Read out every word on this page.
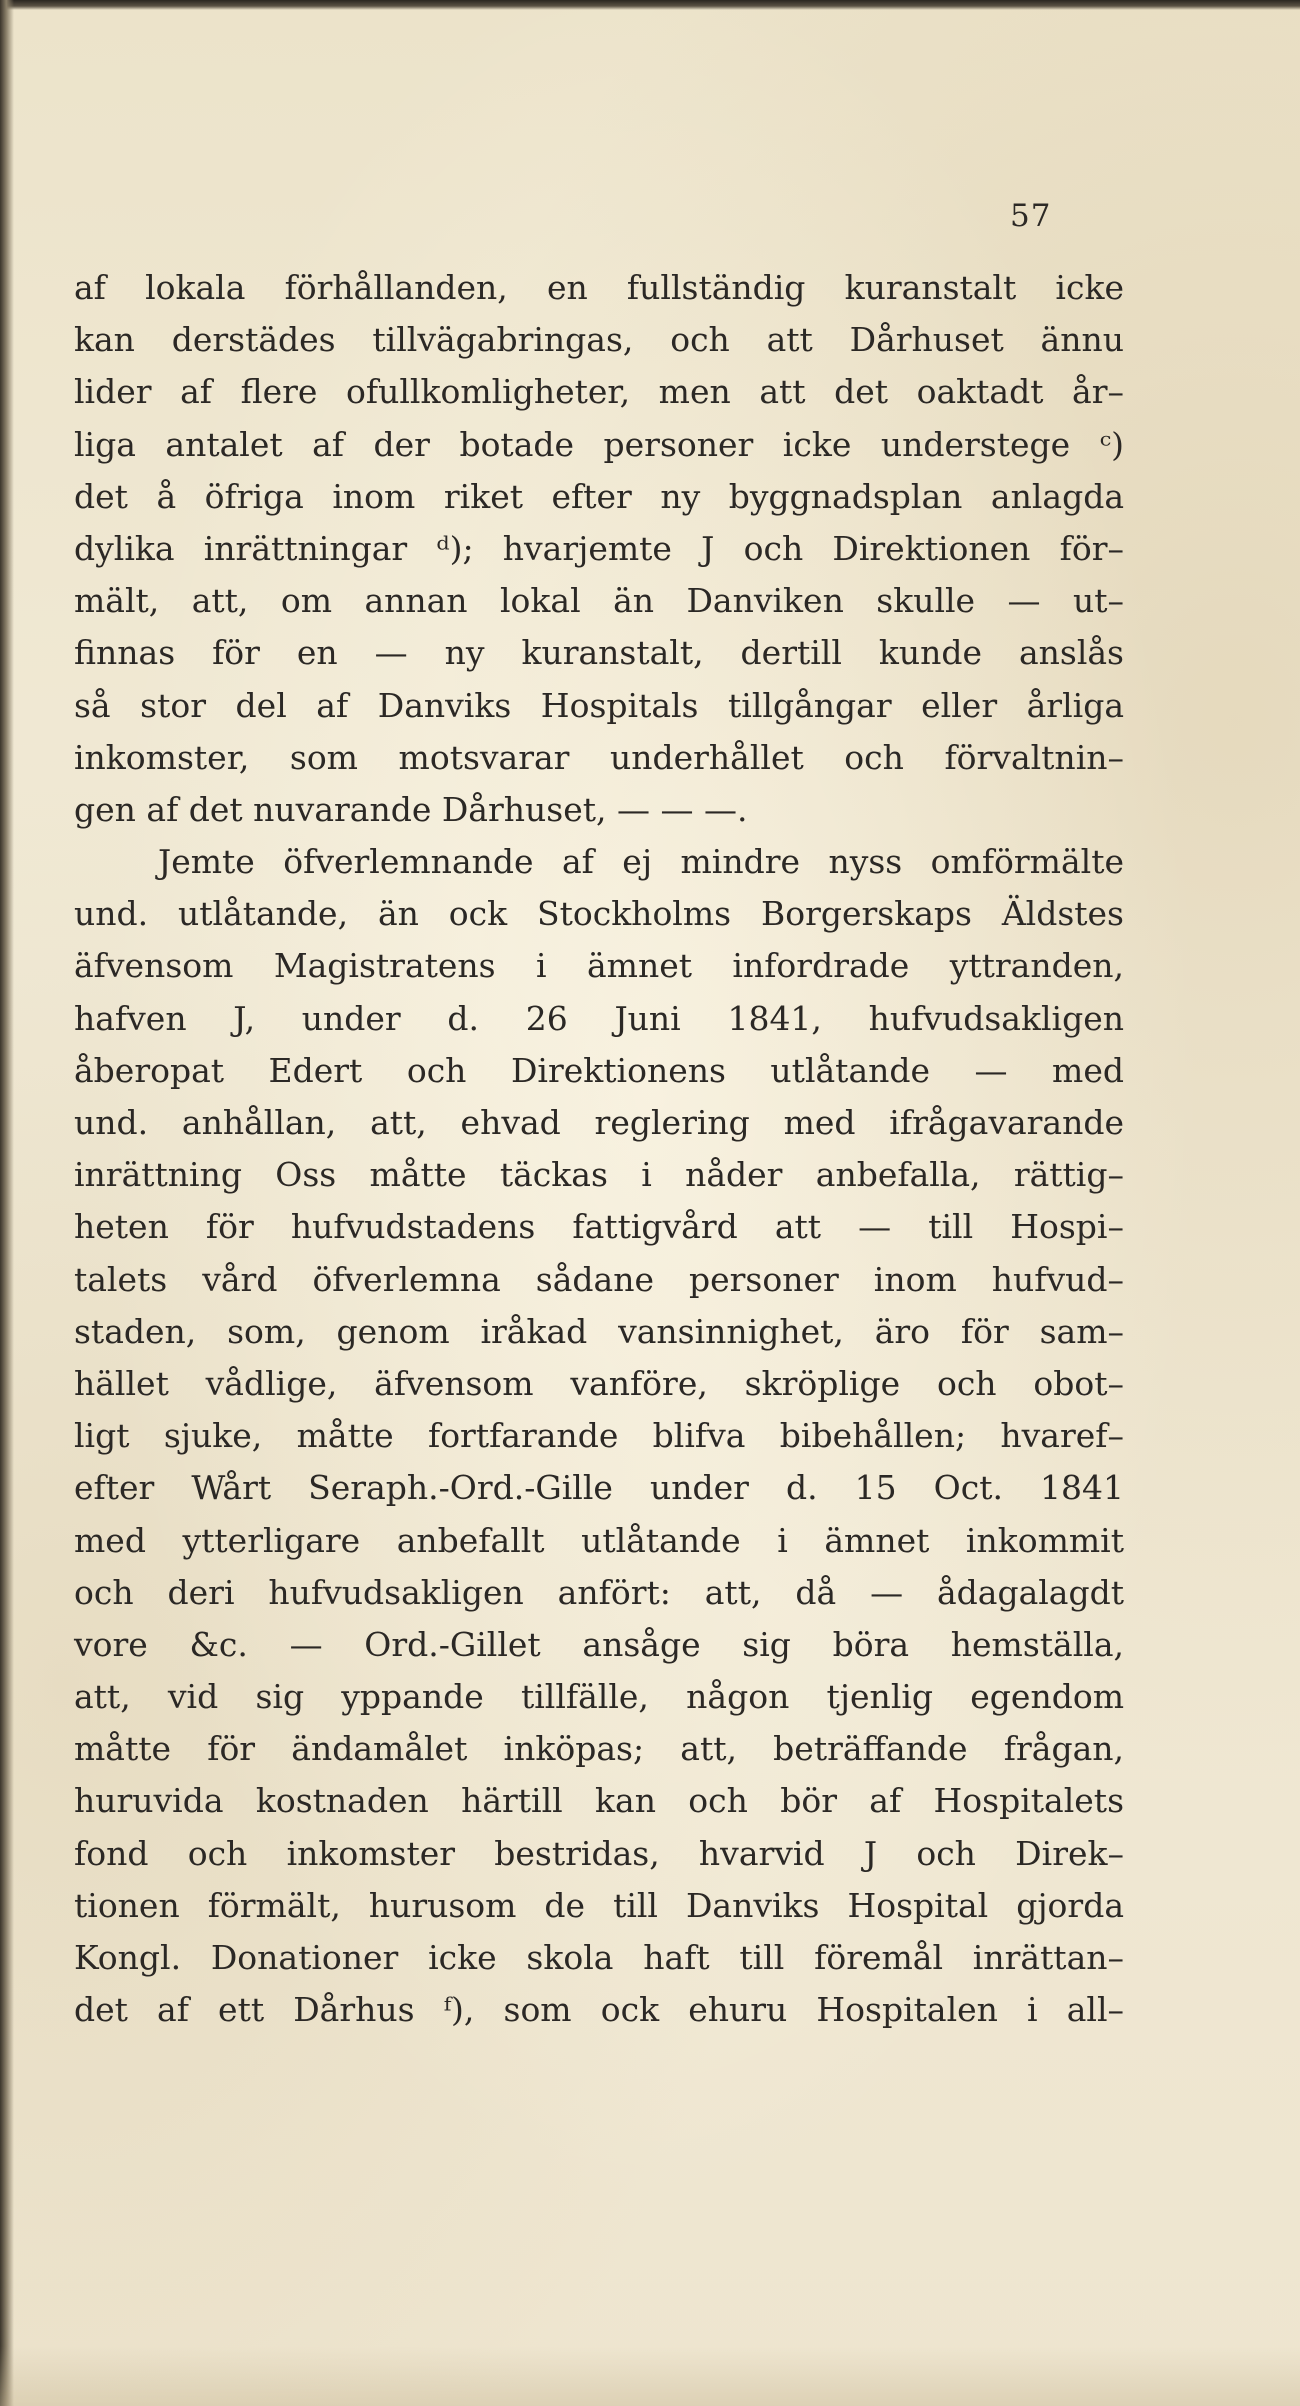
57
af lokala förhållanden, en fullständig kuranstalt icke
kan derstädes tillvägabringas, och att Dårhuset ännu
lider af flere ofullkomligheter, men att det oaktadt år–
liga antalet af der botade personer icke understege ᶜ)
det å öfriga inom riket efter ny byggnadsplan anlagda
dylika inrättningar ᵈ); hvarjemte J och Direktionen för–
mält, att, om annan lokal än Danviken skulle — ut–
finnas för en — ny kuranstalt, dertill kunde anslås
så stor del af Danviks Hospitals tillgångar eller årliga
inkomster, som motsvarar underhållet och förvaltnin–
gen af det nuvarande Dårhuset, — — —.
Jemte öfverlemnande af ej mindre nyss omförmälte
und. utlåtande, än ock Stockholms Borgerskaps Äldstes
äfvensom Magistratens i ämnet infordrade yttranden,
hafven J, under d. 26 Juni 1841, hufvudsakligen
åberopat Edert och Direktionens utlåtande — med
und. anhållan, att, ehvad reglering med ifrågavarande
inrättning Oss måtte täckas i nåder anbefalla, rättig–
heten för hufvudstadens fattigvård att — till Hospi–
talets vård öfverlemna sådane personer inom hufvud–
staden, som, genom iråkad vansinnighet, äro för sam–
hället vådlige, äfvensom vanföre, skröplige och obot–
ligt sjuke, måtte fortfarande blifva bibehållen; hvaref–
efter Wårt Seraph.-Ord.-Gille under d. 15 Oct. 1841
med ytterligare anbefallt utlåtande i ämnet inkommit
och deri hufvudsakligen anfört: att, då — ådagalagdt
vore &c. — Ord.-Gillet ansåge sig böra hemställa,
att, vid sig yppande tillfälle, någon tjenlig egendom
måtte för ändamålet inköpas; att, beträffande frågan,
huruvida kostnaden härtill kan och bör af Hospitalets
fond och inkomster bestridas, hvarvid J och Direk–
tionen förmält, hurusom de till Danviks Hospital gjorda
Kongl. Donationer icke skola haft till föremål inrättan–
det af ett Dårhus ᶠ), som ock ehuru Hospitalen i all–
